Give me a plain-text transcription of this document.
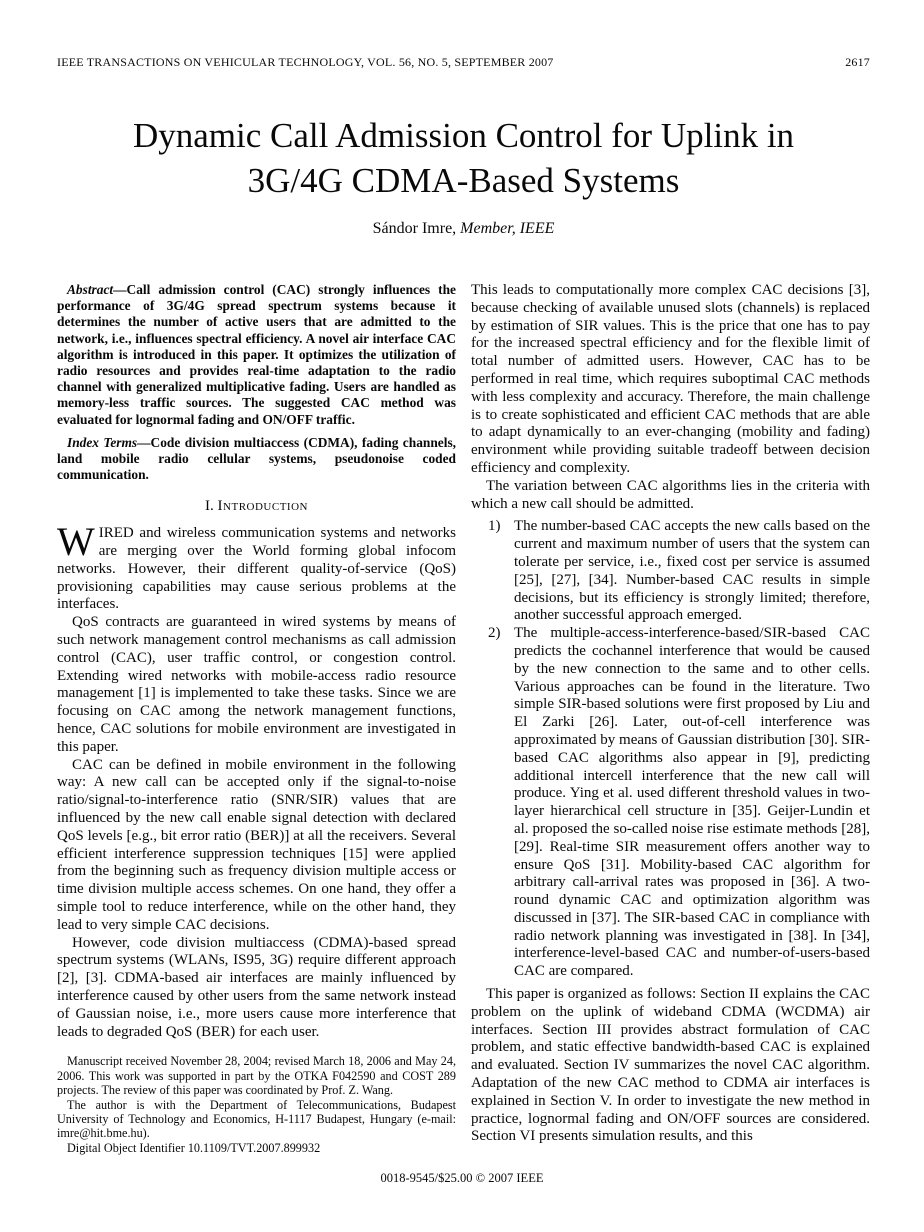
IEEE TRANSACTIONS ON VEHICULAR TECHNOLOGY, VOL. 56, NO. 5, SEPTEMBER 2007	2617
Dynamic Call Admission Control for Uplink in
3G/4G CDMA-Based Systems
Sándor Imre, Member, IEEE

Abstract—Call admission control (CAC) strongly influences the performance of 3G/4G spread spectrum systems because it determines the number of active users that are admitted to the network, i.e., influences spectral efficiency. A novel air interface CAC algorithm is introduced in this paper. It optimizes the utilization of radio resources and provides real-time adaptation to the radio channel with generalized multiplicative fading. Users are handled as memory-less traffic sources. The suggested CAC method was evaluated for lognormal fading and ON/OFF traffic.

Index Terms—Code division multiaccess (CDMA), fading channels, land mobile radio cellular systems, pseudonoise coded communication.

I. Introduction

WIRED and wireless communication systems and networks are merging over the World forming global infocom networks. However, their different quality-of-service (QoS) provisioning capabilities may cause serious problems at the interfaces.

QoS contracts are guaranteed in wired systems by means of such network management control mechanisms as call admission control (CAC), user traffic control, or congestion control. Extending wired networks with mobile-access radio resource management [1] is implemented to take these tasks. Since we are focusing on CAC among the network management functions, hence, CAC solutions for mobile environment are investigated in this paper.

CAC can be defined in mobile environment in the following way: A new call can be accepted only if the signal-to-noise ratio/signal-to-interference ratio (SNR/SIR) values that are influenced by the new call enable signal detection with declared QoS levels [e.g., bit error ratio (BER)] at all the receivers. Several efficient interference suppression techniques [15] were applied from the beginning such as frequency division multiple access or time division multiple access schemes. On one hand, they offer a simple tool to reduce interference, while on the other hand, they lead to very simple CAC decisions.

However, code division multiaccess (CDMA)-based spread spectrum systems (WLANs, IS95, 3G) require different approach [2], [3]. CDMA-based air interfaces are mainly influenced by interference caused by other users from the same network instead of Gaussian noise, i.e., more users cause more interference that leads to degraded QoS (BER) for each user.

Manuscript received November 28, 2004; revised March 18, 2006 and May 24, 2006. This work was supported in part by the OTKA F042590 and COST 289 projects. The review of this paper was coordinated by Prof. Z. Wang.

The author is with the Department of Telecommunications, Budapest University of Technology and Economics, H-1117 Budapest, Hungary (e-mail: imre@hit.bme.hu).

Digital Object Identifier 10.1109/TVT.2007.899932

This leads to computationally more complex CAC decisions [3], because checking of available unused slots (channels) is replaced by estimation of SIR values. This is the price that one has to pay for the increased spectral efficiency and for the flexible limit of total number of admitted users. However, CAC has to be performed in real time, which requires suboptimal CAC methods with less complexity and accuracy. Therefore, the main challenge is to create sophisticated and efficient CAC methods that are able to adapt dynamically to an ever-changing (mobility and fading) environment while providing suitable tradeoff between decision efficiency and complexity.

The variation between CAC algorithms lies in the criteria with which a new call should be admitted.

1) The number-based CAC accepts the new calls based on the current and maximum number of users that the system can tolerate per service, i.e., fixed cost per service is assumed [25], [27], [34]. Number-based CAC results in simple decisions, but its efficiency is strongly limited; therefore, another successful approach emerged.
2) The multiple-access-interference-based/SIR-based CAC predicts the cochannel interference that would be caused by the new connection to the same and to other cells. Various approaches can be found in the literature. Two simple SIR-based solutions were first proposed by Liu and El Zarki [26]. Later, out-of-cell interference was approximated by means of Gaussian distribution [30]. SIR-based CAC algorithms also appear in [9], predicting additional intercell interference that the new call will produce. Ying et al. used different threshold values in two-layer hierarchical cell structure in [35]. Geijer-Lundin et al. proposed the so-called noise rise estimate methods [28], [29]. Real-time SIR measurement offers another way to ensure QoS [31]. Mobility-based CAC algorithm for arbitrary call-arrival rates was proposed in [36]. A two-round dynamic CAC and optimization algorithm was discussed in [37]. The SIR-based CAC in compliance with radio network planning was investigated in [38]. In [34], interference-level-based CAC and number-of-users-based CAC are compared.

This paper is organized as follows: Section II explains the CAC problem on the uplink of wideband CDMA (WCDMA) air interfaces. Section III provides abstract formulation of CAC problem, and static effective bandwidth-based CAC is explained and evaluated. Section IV summarizes the novel CAC algorithm. Adaptation of the new CAC method to CDMA air interfaces is explained in Section V. In order to investigate the new method in practice, lognormal fading and ON/OFF sources are considered. Section VI presents simulation results, and this

0018-9545/$25.00 © 2007 IEEE
